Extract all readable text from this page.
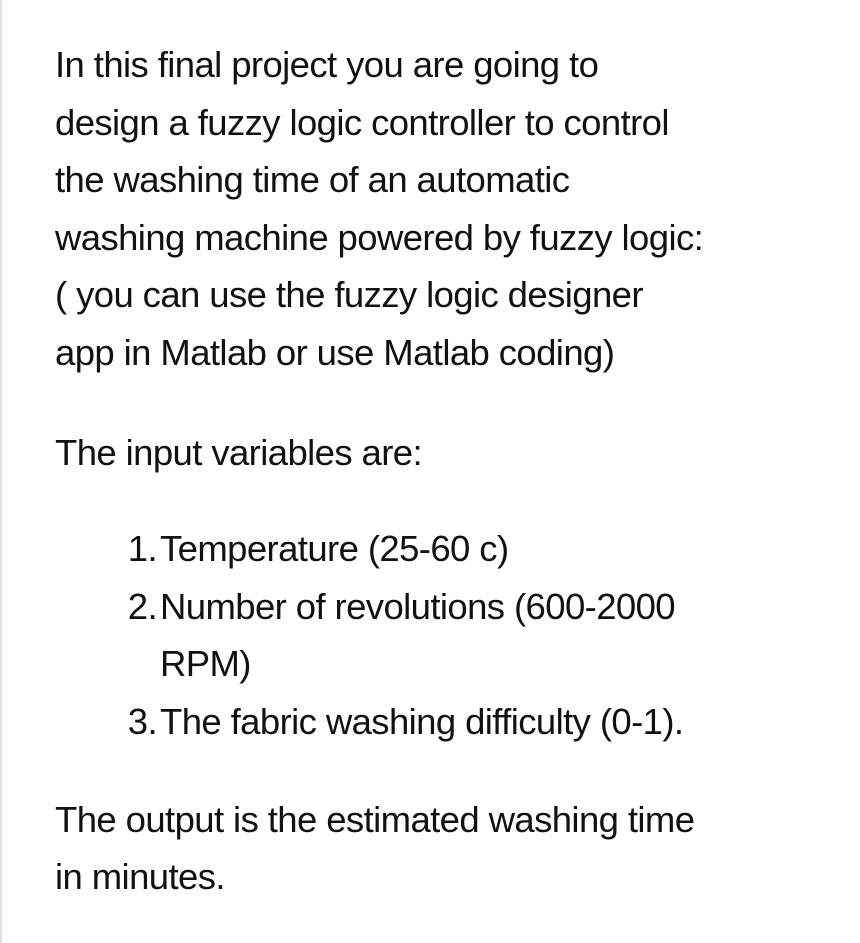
In this final project you are going to
design a fuzzy logic controller to control
the washing time of an automatic
washing machine powered by fuzzy logic:
( you can use the fuzzy logic designer
app in Matlab or use Matlab coding)

The input variables are:

1. Temperature (25-60 c)
2. Number of revolutions (600-2000
RPM)
3. The fabric washing difficulty (0-1).

The output is the estimated washing time
in minutes.
